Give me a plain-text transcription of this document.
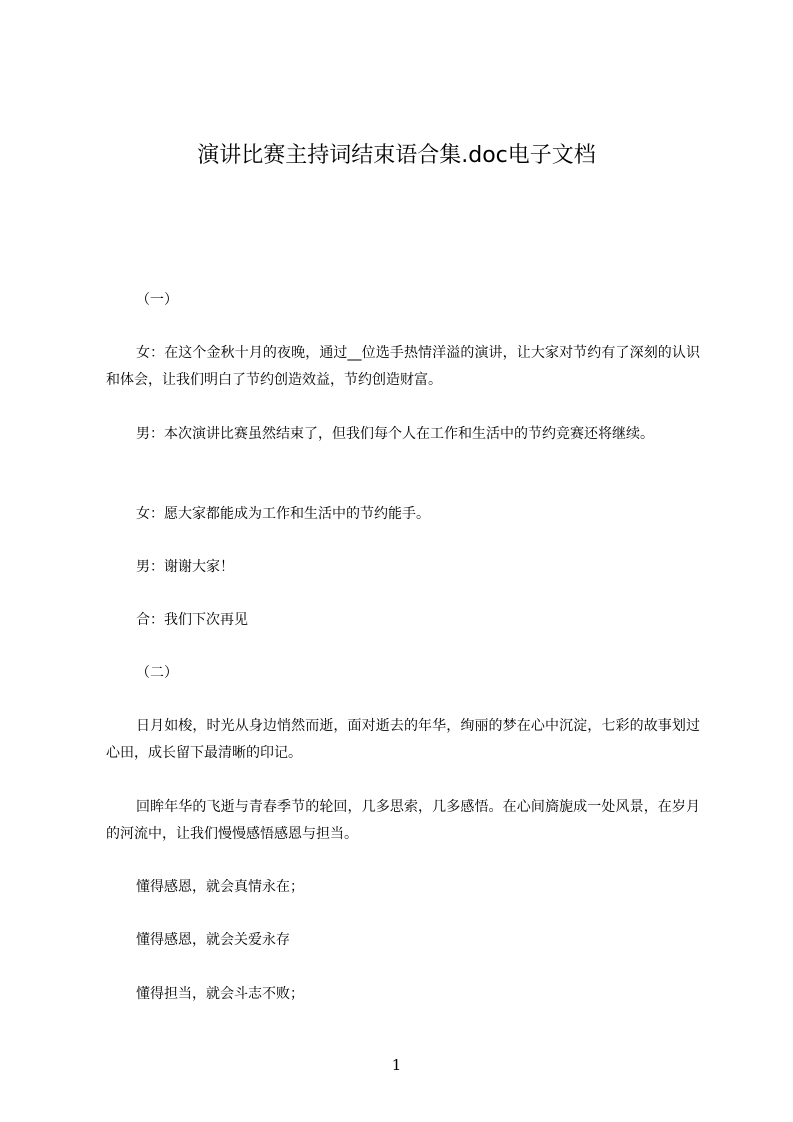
演讲比赛主持词结束语合集.doc电子文档

（一）

女：在这个金秋十月的夜晚，通过__位选手热情洋溢的演讲，让大家对节约有了深刻的认识和体会，让我们明白了节约创造效益，节约创造财富。

男：本次演讲比赛虽然结束了，但我们每个人在工作和生活中的节约竞赛还将继续。

女：愿大家都能成为工作和生活中的节约能手。

男：谢谢大家！

合：我们下次再见

（二）

日月如梭，时光从身边悄然而逝，面对逝去的年华，绚丽的梦在心中沉淀，七彩的故事划过心田，成长留下最清晰的印记。

回眸年华的飞逝与青春季节的轮回，几多思索，几多感悟。在心间旖旎成一处风景，在岁月的河流中，让我们慢慢感悟感恩与担当。

懂得感恩，就会真情永在；

懂得感恩，就会关爱永存

懂得担当，就会斗志不败；

1
